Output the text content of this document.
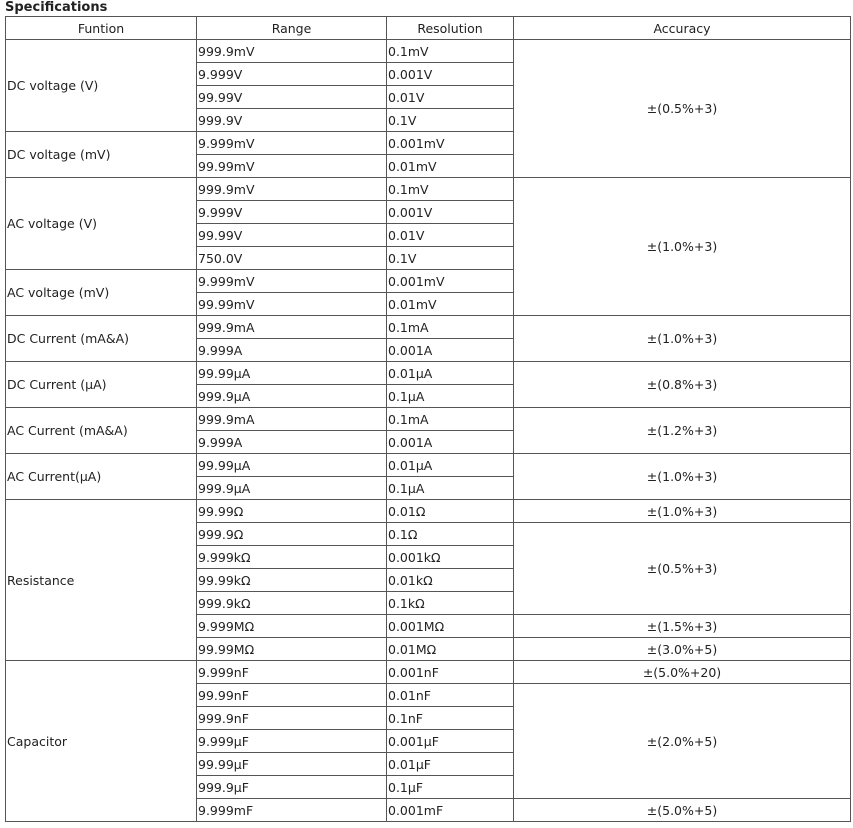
Specifications
Funtion	Range	Resolution	Accuracy
DC voltage (V)	999.9mV	0.1mV	±(0.5%+3)
	9.999V	0.001V	
	99.99V	0.01V	
	999.9V	0.1V	
DC voltage (mV)	9.999mV	0.001mV	
	99.99mV	0.01mV	
AC voltage (V)	999.9mV	0.1mV	±(1.0%+3)
	9.999V	0.001V	
	99.99V	0.01V	
	750.0V	0.1V	
AC voltage (mV)	9.999mV	0.001mV	
	99.99mV	0.01mV	
DC Current (mA&A)	999.9mA	0.1mA	±(1.0%+3)
	9.999A	0.001A	
DC Current (µA)	99.99µA	0.01µA	±(0.8%+3)
	999.9µA	0.1µA	
AC Current (mA&A)	999.9mA	0.1mA	±(1.2%+3)
	9.999A	0.001A	
AC Current(µA)	99.99µA	0.01µA	±(1.0%+3)
	999.9µA	0.1µA	
Resistance	99.99Ω	0.01Ω	±(1.0%+3)
	999.9Ω	0.1Ω	±(0.5%+3)
	9.999kΩ	0.001kΩ	
	99.99kΩ	0.01kΩ	
	999.9kΩ	0.1kΩ	
	9.999MΩ	0.001MΩ	±(1.5%+3)
	99.99MΩ	0.01MΩ	±(3.0%+5)
Capacitor	9.999nF	0.001nF	±(5.0%+20)
	99.99nF	0.01nF	±(2.0%+5)
	999.9nF	0.1nF	
	9.999µF	0.001µF	
	99.99µF	0.01µF	
	999.9µF	0.1µF	
	9.999mF	0.001mF	±(5.0%+5)
